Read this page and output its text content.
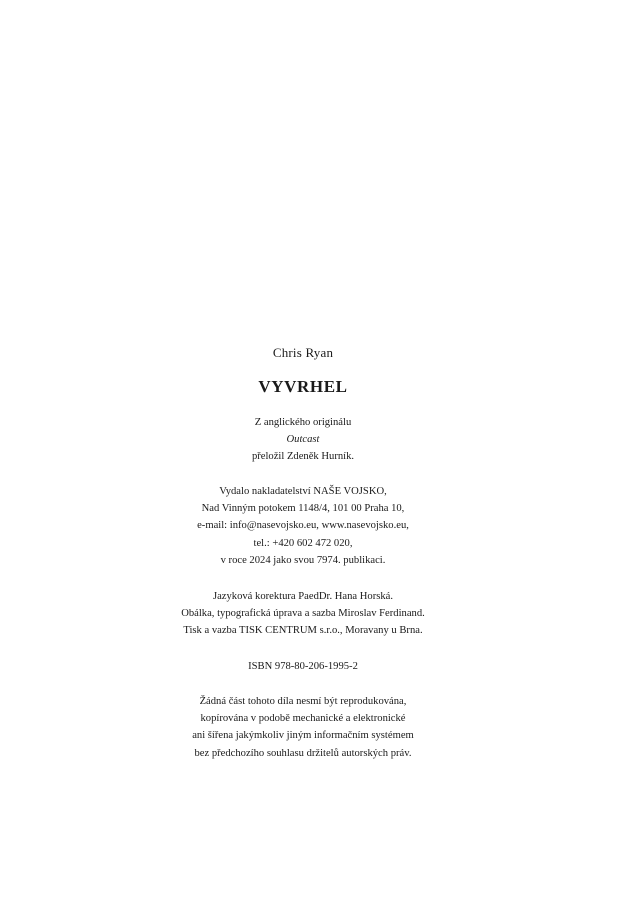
Chris Ryan
VYVRHEL
Z anglického originálu
Outcast
přeložil Zdeněk Hurník.
Vydalo nakladatelství NAŠE VOJSKO,
Nad Vinným potokem 1148/4, 101 00 Praha 10,
e-mail: info@nasevojsko.eu, www.nasevojsko.eu,
tel.: +420 602 472 020,
v roce 2024 jako svou 7974. publikaci.
Jazyková korektura PaedDr. Hana Horská.
Obálka, typografická úprava a sazba Miroslav Ferdinand.
Tisk a vazba TISK CENTRUM s.r.o., Moravany u Brna.
ISBN 978-80-206-1995-2
Žádná část tohoto díla nesmí být reprodukována,
kopírována v podobě mechanické a elektronické
ani šířena jakýmkoliv jiným informačním systémem
bez předchozího souhlasu držitelů autorských práv.
